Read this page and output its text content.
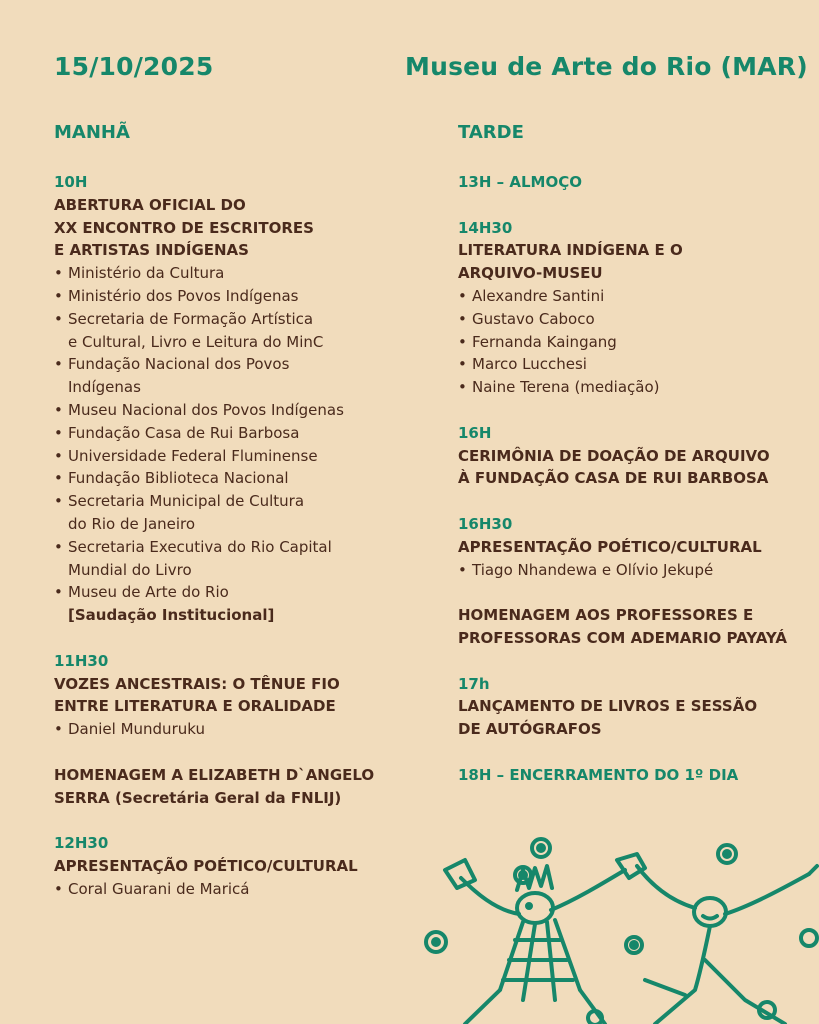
15/10/2025	Museu de Arte do Rio (MAR)
MANHÃ
10H
ABERTURA OFICIAL DO
XX ENCONTRO DE ESCRITORES
E ARTISTAS INDÍGENAS
• Ministério da Cultura
• Ministério dos Povos Indígenas
• Secretaria de Formação Artística
e Cultural, Livro e Leitura do MinC
• Fundação Nacional dos Povos
Indígenas
• Museu Nacional dos Povos Indígenas
• Fundação Casa de Rui Barbosa
• Universidade Federal Fluminense
• Fundação Biblioteca Nacional
• Secretaria Municipal de Cultura
do Rio de Janeiro
• Secretaria Executiva do Rio Capital
Mundial do Livro
• Museu de Arte do Rio
[Saudação Institucional]
11H30
VOZES ANCESTRAIS: O TÊNUE FIO
ENTRE LITERATURA E ORALIDADE
• Daniel Munduruku
HOMENAGEM A ELIZABETH D`ANGELO
SERRA (Secretária Geral da FNLIJ)
12H30
APRESENTAÇÃO POÉTICO/CULTURAL
• Coral Guarani de Maricá
TARDE
13H – ALMOÇO
14H30
LITERATURA INDÍGENA E O
ARQUIVO-MUSEU
• Alexandre Santini
• Gustavo Caboco
• Fernanda Kaingang
• Marco Lucchesi
• Naine Terena (mediação)
16H
CERIMÔNIA DE DOAÇÃO DE ARQUIVO
À FUNDAÇÃO CASA DE RUI BARBOSA
16H30
APRESENTAÇÃO POÉTICO/CULTURAL
• Tiago Nhandewa e Olívio Jekupé
HOMENAGEM AOS PROFESSORES E
PROFESSORAS COM ADEMARIO PAYAYÁ
17h
LANÇAMENTO DE LIVROS E SESSÃO
DE AUTÓGRAFOS
18H – ENCERRAMENTO DO 1º DIA
